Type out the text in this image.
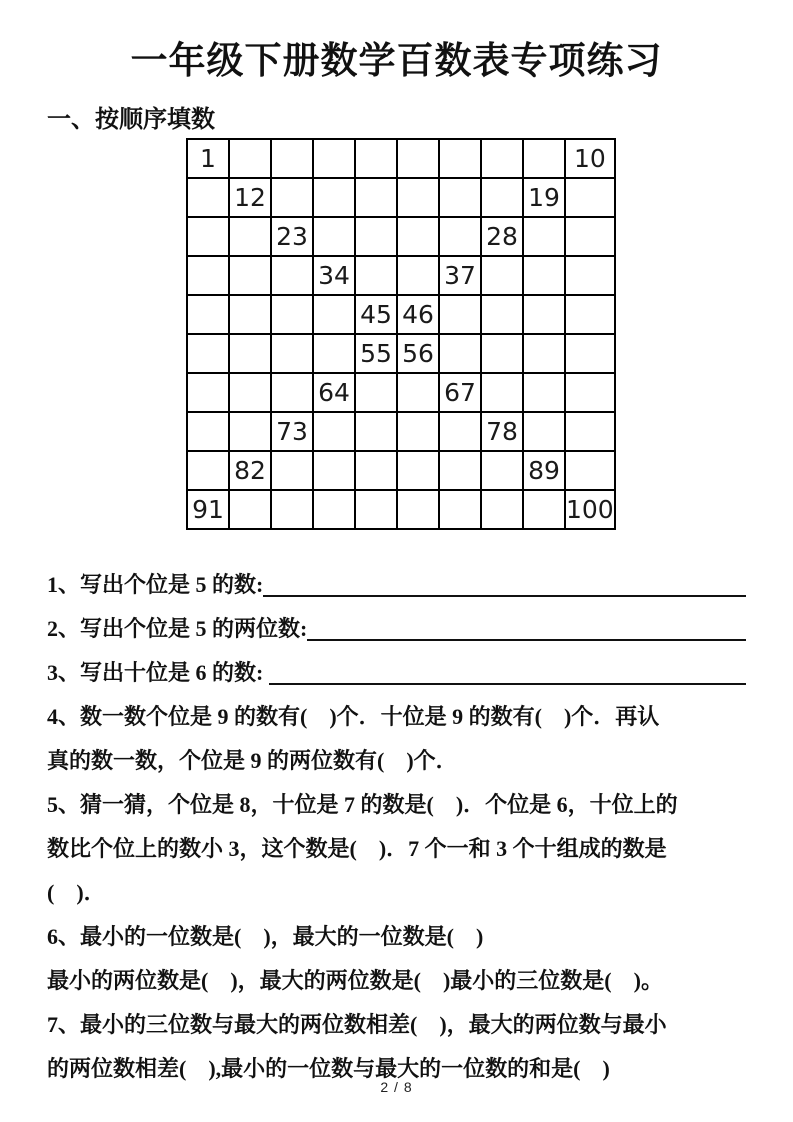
一年级下册数学百数表专项练习
一、按顺序填数
1									10
	12							19	
		23					28		
			34			37			
				45	46				
				55	56				
			64			67			
		73					78		
	82							89	
91									100
1、写出个位是 5 的数:
2、写出个位是 5 的两位数:
3、写出十位是 6 的数:
4、数一数个位是 9 的数有(    )个．十位是 9 的数有(    )个．再认
真的数一数，个位是 9 的两位数有(    )个．
5、猜一猜，个位是 8，十位是 7 的数是(    )．个位是 6，十位上的
数比个位上的数小 3，这个数是(    )．7 个一和 3 个十组成的数是
(    )．
6、最小的一位数是(    )，最大的一位数是(    )
最小的两位数是(    )，最大的两位数是(    )最小的三位数是(    )。
7、最小的三位数与最大的两位数相差(    )，最大的两位数与最小
的两位数相差(    ),最小的一位数与最大的一位数的和是(    )
2 / 8
